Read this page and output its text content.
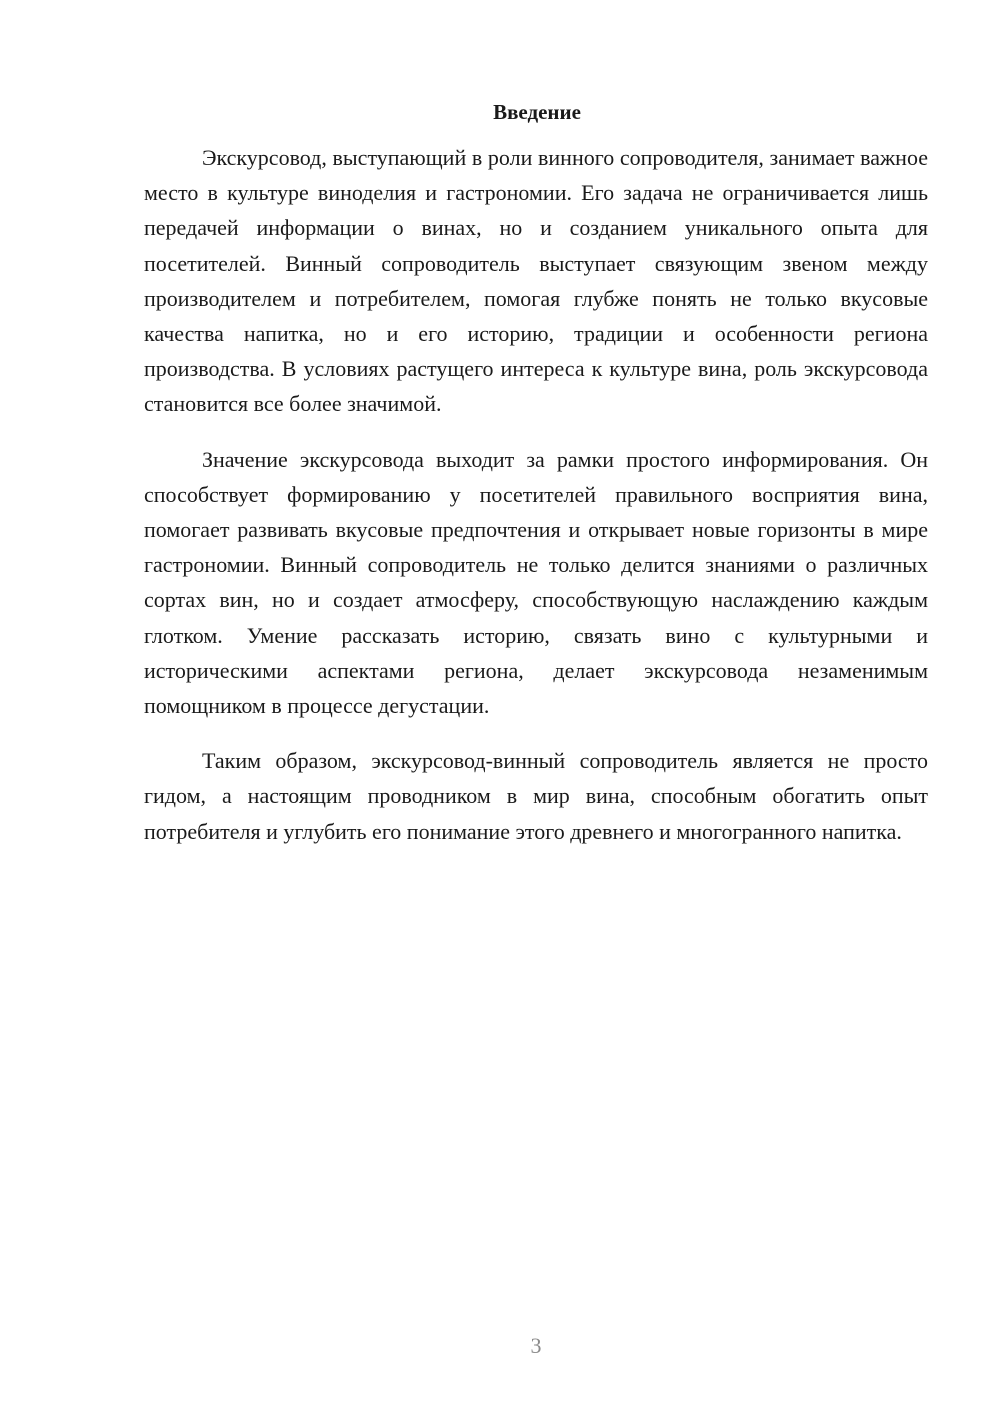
Введение

Экскурсовод, выступающий в роли винного сопроводителя, занимает важное место в культуре виноделия и гастрономии. Его задача не ограничивается лишь передачей информации о винах, но и созданием уникального опыта для посетителей. Винный сопроводитель выступает связующим звеном между производителем и потребителем, помогая глубже понять не только вкусовые качества напитка, но и его историю, традиции и особенности региона производства. В условиях растущего интереса к культуре вина, роль экскурсовода становится все более значимой.

Значение экскурсовода выходит за рамки простого информирования. Он способствует формированию у посетителей правильного восприятия вина, помогает развивать вкусовые предпочтения и открывает новые горизонты в мире гастрономии. Винный сопроводитель не только делится знаниями о различных сортах вин, но и создает атмосферу, способствующую наслаждению каждым глотком. Умение рассказать историю, связать вино с культурными и историческими аспектами региона, делает экскурсовода незаменимым помощником в процессе дегустации.

Таким образом, экскурсовод-винный сопроводитель является не просто гидом, а настоящим проводником в мир вина, способным обогатить опыт потребителя и углубить его понимание этого древнего и многогранного напитка.

3
